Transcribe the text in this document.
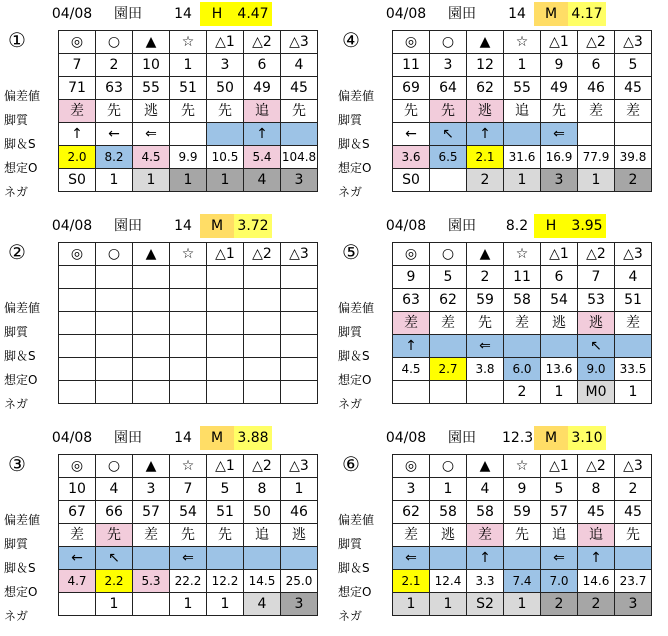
04/08	園田	14	H	4.47
①
偏差値
脚質
脚＆S
想定O
ネガ
◎	○	▲	☆	△1	△2	△3
7	2	10	1	3	6	4
71	63	55	51	50	49	45
差	先	逃	先	先	追	先
↑	←	⇐			↑	
2.0	8.2	4.5	9.9	10.5	5.4	104.8
S0	1	1	1	1	4	3
04/08	園田	14	M	4.17
④
偏差値
脚質
脚＆S
想定O
ネガ
◎	○	▲	☆	△1	△2	△3
11	3	12	1	9	6	5
69	64	62	55	49	46	45
先	先	逃	追	先	差	差
←	↖	↑		⇐		
3.6	6.5	2.1	31.6	16.9	77.9	39.8
S0		2	1	3	1	2
04/08	園田	14	M	3.72
②
偏差値
脚質
脚＆S
想定O
ネガ
◎	○	▲	☆	△1	△2	△3

04/08	園田	8.2	H	3.95
⑤
偏差値
脚質
脚＆S
想定O
ネガ
◎	○	▲	☆	△1	△2	△3
9	5	2	11	6	7	4
63	62	59	58	54	53	51
差	差	先	差	逃	逃	差
↑		⇐			↖	
4.5	2.7	3.8	6.0	13.6	9.0	33.5
			2	1	M0	1
04/08	園田	14	M	3.88
③
偏差値
脚質
脚＆S
想定O
ネガ
◎	○	▲	☆	△1	△2	△3
10	4	3	7	5	8	1
67	66	57	54	51	50	46
差	先	差	先	先	追	逃
←	↖		⇐			
4.7	2.2	5.3	22.2	12.2	14.5	25.0
	1		1	1	4	3
04/08	園田	12.3 M	3.10
⑥
偏差値
脚質
脚＆S
想定O
ネガ
◎	○	▲	☆	△1	△2	△3
3	1	4	9	5	8	2
62	58	58	59	57	45	45
差	逃	差	先	追	追	先
⇐		↑		⇐	↑	
2.1	12.4	3.3	7.4	7.0	14.6	23.7
1	1	S2	1	2	2	3
